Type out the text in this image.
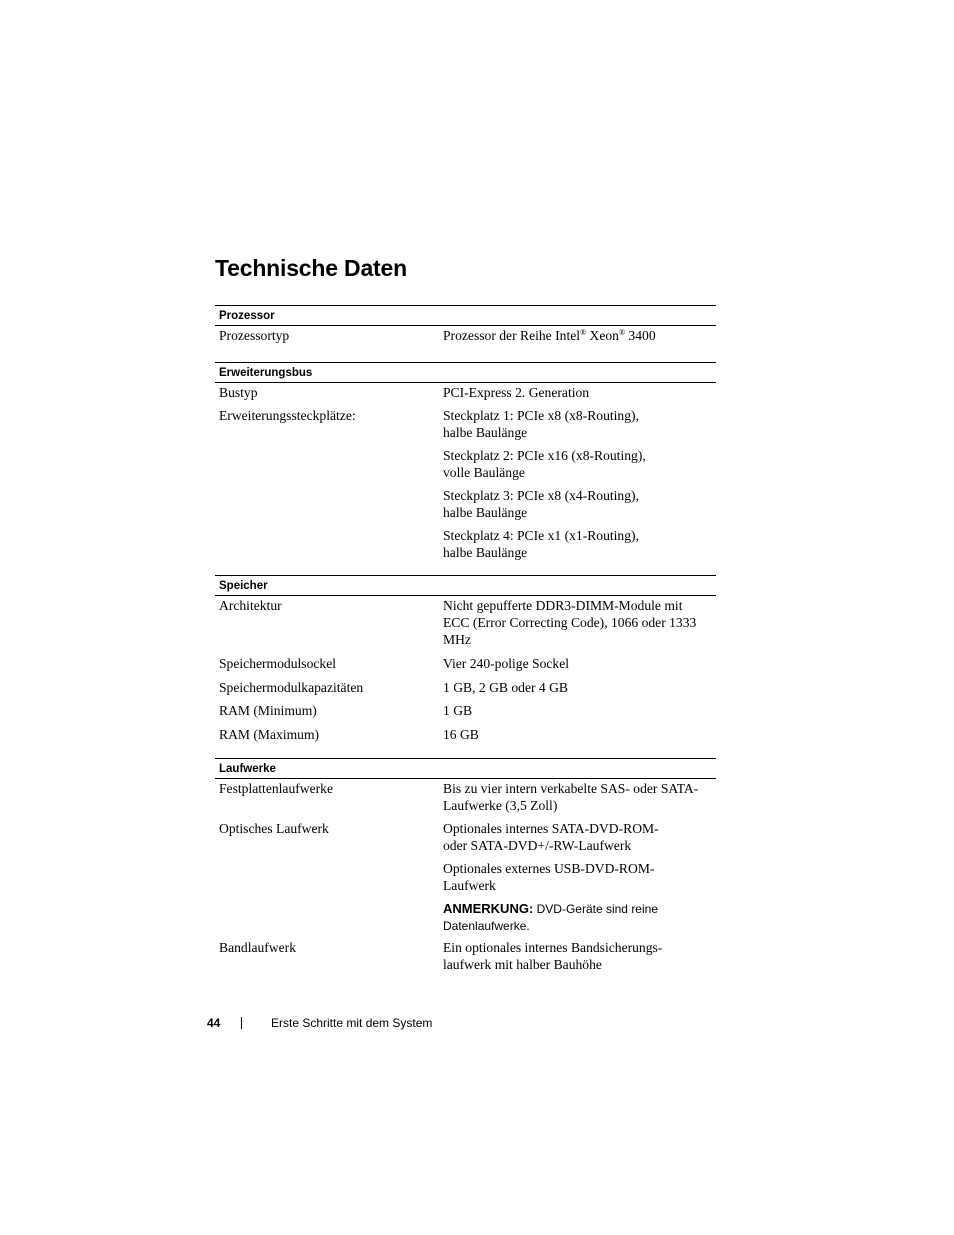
Technische Daten
Prozessor
Prozessortyp	Prozessor der Reihe Intel® Xeon® 3400
Erweiterungsbus
Bustyp	PCI-Express 2. Generation

Erweiterungssteckplätze:	Steckplatz 1: PCIe x8 (x8-Routing), halbe Baulänge

Steckplatz 2: PCIe x16 (x8-Routing), volle Baulänge

Steckplatz 3: PCIe x8 (x4-Routing), halbe Baulänge

Steckplatz 4: PCIe x1 (x1-Routing), halbe Baulänge

Speicher
Architektur	Nicht gepufferte DDR3-DIMM-Module mit ECC (Error Correcting Code), 1066 oder 1333 MHz

Speichermodulsockel	Vier 240-polige Sockel

Speichermodulkapazitäten	1 GB, 2 GB oder 4 GB

RAM (Minimum)	1 GB

RAM (Maximum)	16 GB

Laufwerke
Festplattenlaufwerke	Bis zu vier intern verkabelte SAS- oder SATA-Laufwerke (3,5 Zoll)

Optisches Laufwerk	Optionales internes SATA-DVD-ROM- oder SATA-DVD+/-RW-Laufwerk

Optionales externes USB-DVD-ROM-Laufwerk

ANMERKUNG: DVD-Geräte sind reine Datenlaufwerke.

Bandlaufwerk	Ein optionales internes Bandsicherungs-laufwerk mit halber Bauhöhe

44	Erste Schritte mit dem System
